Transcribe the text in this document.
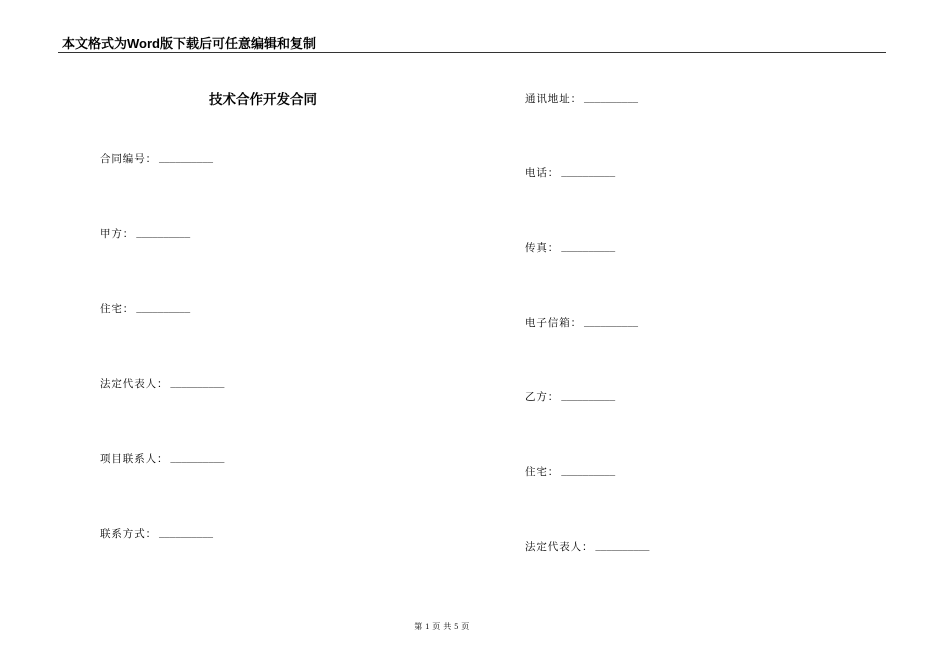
本文格式为Word版下载后可任意编辑和复制
技术合作开发合同
合同编号： __________
甲方： __________
住宅： __________
法定代表人： __________
项目联系人： __________
联系方式： __________
通讯地址： __________
电话： __________
传真： __________
电子信箱： __________
乙方： __________
住宅： __________
法定代表人： __________
第 1 页 共 5 页
